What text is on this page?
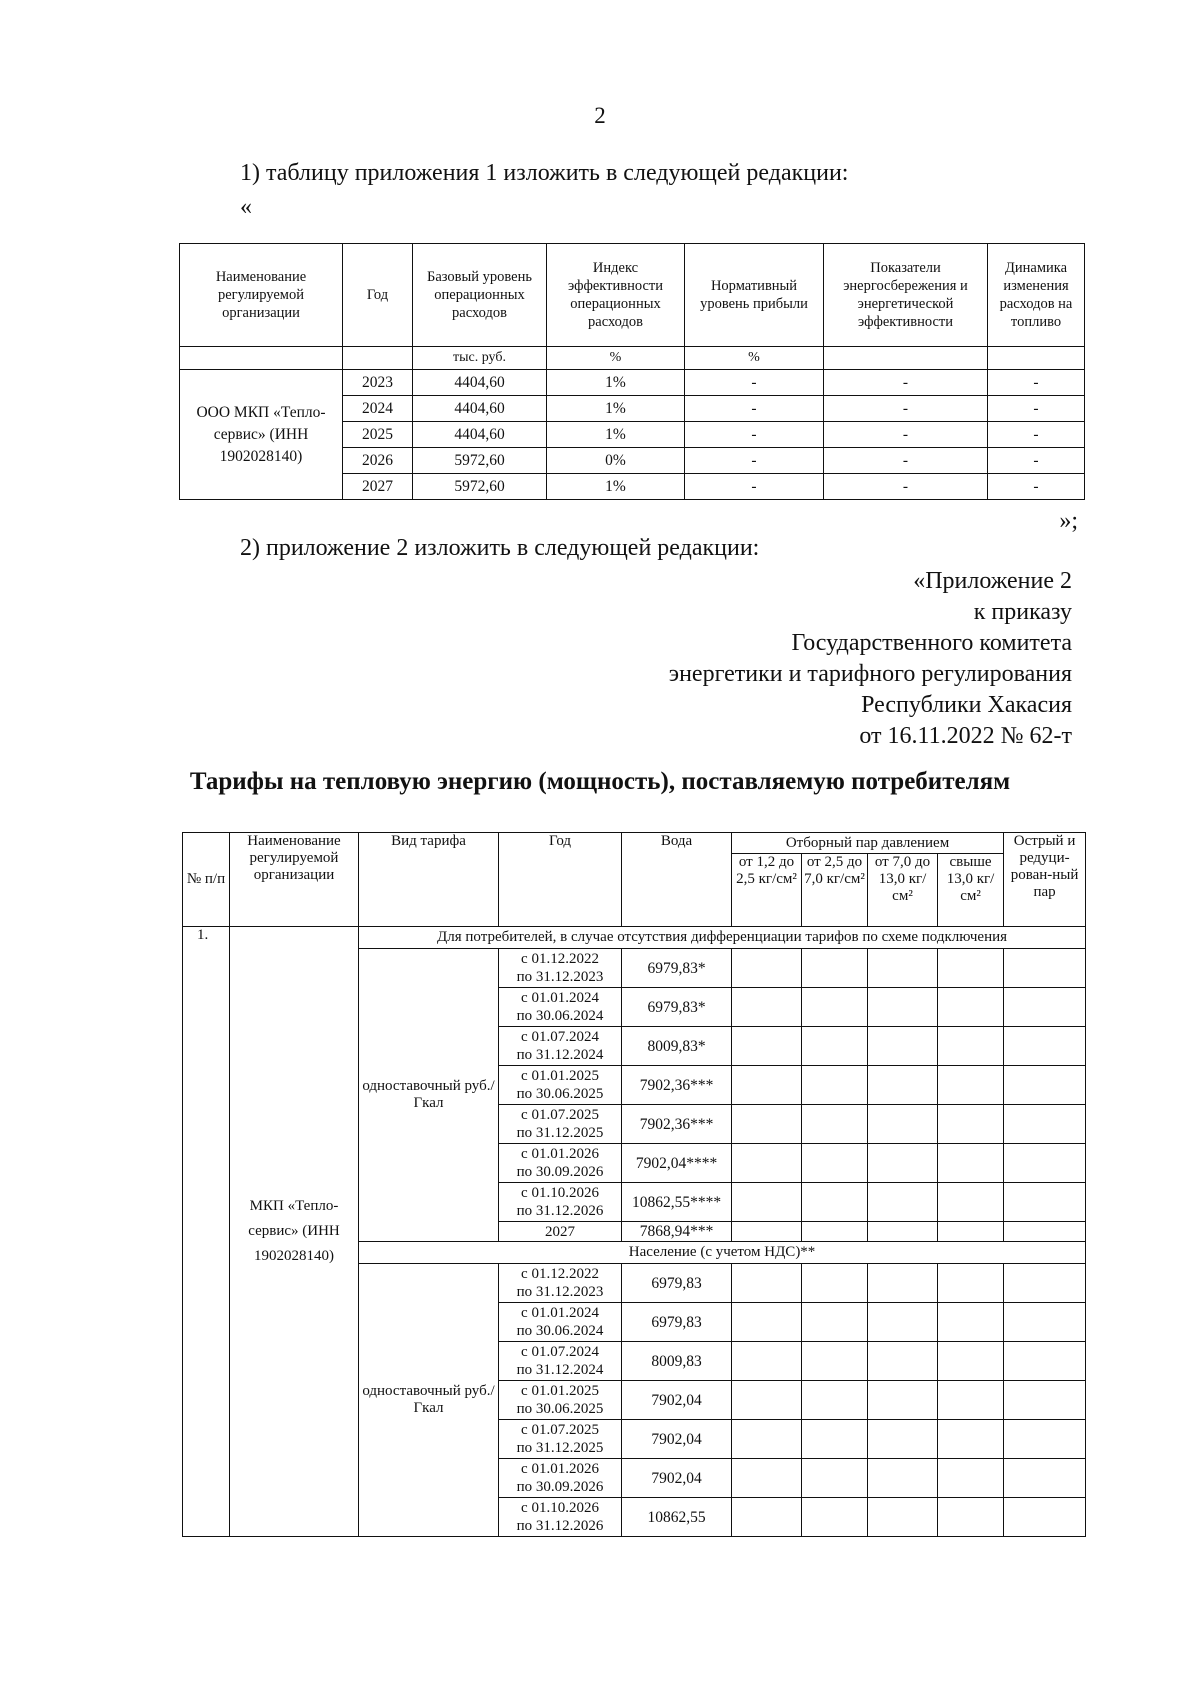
2
1) таблицу приложения 1 изложить в следующей редакции:
«
Наименование регулируемой организации	Год	Базовый уровень операционных расходов	Индекс эффективности операционных расходов	Нормативный уровень прибыли	Показатели энергосбережения и энергетической эффективности	Динамика изменения расходов на топливо
		тыс. руб.	%	%		
ООО МКП «Тепло-сервис» (ИНН 1902028140)	2023	4404,60	1%	-	-	-
	2024	4404,60	1%	-	-	-
	2025	4404,60	1%	-	-	-
	2026	5972,60	0%	-	-	-
	2027	5972,60	1%	-	-	-
»;
2) приложение 2 изложить в следующей редакции:
«Приложение 2
к приказу
Государственного комитета
энергетики и тарифного регулирования
Республики Хакасия
от 16.11.2022 № 62-т
Тарифы на тепловую энергию (мощность), поставляемую потребителям
№ п/п	Наименование регулируемой организации	Вид тарифа	Год	Вода	Отборный пар давлением				Острый и редуци-рован-ный пар
					от 1,2 до 2,5 кг/см²	от 2,5 до 7,0 кг/см²	от 7,0 до 13,0 кг/см²	свыше 13,0 кг/см²	
1.	МКП «Тепло-сервис» (ИНН 1902028140)	Для потребителей, в случае отсутствия дифференциации тарифов по схеме подключения							
		одноставочный руб./Гкал	с 01.12.2022
по 31.12.2023	6979,83*					
			с 01.01.2024
по 30.06.2024	6979,83*					
			с 01.07.2024
по 31.12.2024	8009,83*					
			с 01.01.2025
по 30.06.2025	7902,36***					
			с 01.07.2025
по 31.12.2025	7902,36***					
			с 01.01.2026
по 30.09.2026	7902,04****					
			с 01.10.2026
по 31.12.2026	10862,55****					
			2027	7868,94***					
		Население (с учетом НДС)**							
		одноставочный руб./Гкал	с 01.12.2022
по 31.12.2023	6979,83					
			с 01.01.2024
по 30.06.2024	6979,83					
			с 01.07.2024
по 31.12.2024	8009,83					
			с 01.01.2025
по 30.06.2025	7902,04					
			с 01.07.2025
по 31.12.2025	7902,04					
			с 01.01.2026
по 30.09.2026	7902,04					
			с 01.10.2026
по 31.12.2026	10862,55					
